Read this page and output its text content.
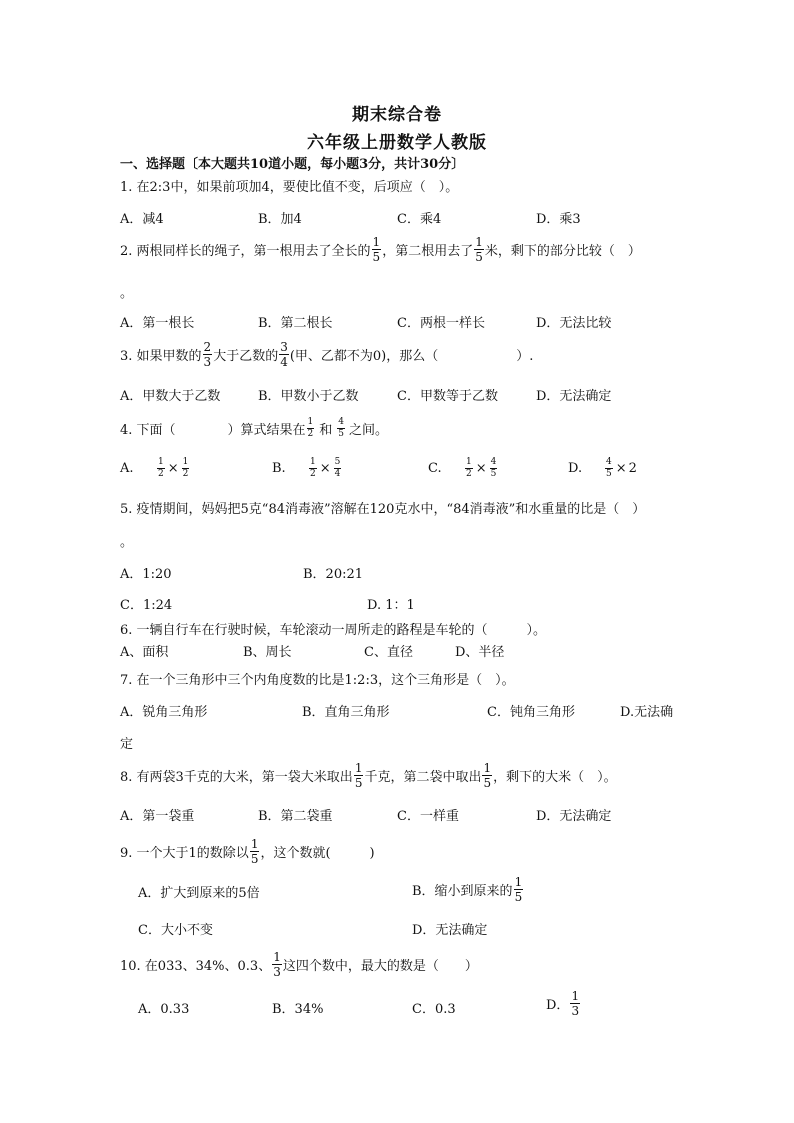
期末综合卷
六年级上册数学人教版
一、选择题〔本大题共10道小题，每小题3分，共计30分〕
1. 在2:3中，如果前项加4，要使比值不变，后项应（　）。
A．减4	B．加4	C．乘4	D．乘3
2. 两根同样长的绳子，第一根用去了全长的 $\frac{1}{5}$ ，第二根用去了 $\frac{1}{5}$ 米，剩下的部分比较（　）
。
A．第一根长	B．第二根长	C．两根一样长	D．无法比较
3. 如果甲数的 $\frac{2}{3}$ 大于乙数的 $\frac{3}{4}$ (甲、乙都不为0)，那么（　　　　　　）.
A．甲数大于乙数	B．甲数小于乙数	C．甲数等于乙数	D．无法确定
4. 下面（　　　　）算式结果在 $\frac{1}{2}$ 和 $\frac{4}{5}$ 之间。
A.	$\frac{1}{2} \times \frac{1}{2}$	B.	$\frac{1}{2} \times \frac{5}{4}$	C.	$\frac{1}{2} \times \frac{4}{5}$	D.	$\frac{4}{5} \times 2$
5. 疫情期间，妈妈把5克“84消毒液”溶解在120克水中，“84消毒液”和水重量的比是（　）
。
A．1:20	B．20:21
C．1:24	D. 1：1
6. 一辆自行车在行驶时候，车轮滚动一周所走的路程是车轮的（　　　）。
A、面积	B、周长	C、直径	D、半径
7. 在一个三角形中三个内角度数的比是1:2:3，这个三角形是（　）。
A．锐角三角形	B．直角三角形	C．钝角三角形	D.无法确
定
8. 有两袋3千克的大米，第一袋大米取出 $\frac{1}{5}$ 千克，第二袋中取出 $\frac{1}{5}$ ，剩下的大米（　）。
A．第一袋重	B．第二袋重	C．一样重	D．无法确定
9. 一个大于1的数除以 $\frac{1}{5}$ ，这个数就(　　　)
A．扩大到原来的5倍	B．缩小到原来的 $\frac{1}{5}$
C．大小不变	D．无法确定
10. 在033、34%、0.3、 $\frac{1}{3}$ 这四个数中，最大的数是（　　）
A．0.33	B．34%	C．0.3	D． $\frac{1}{3}$
